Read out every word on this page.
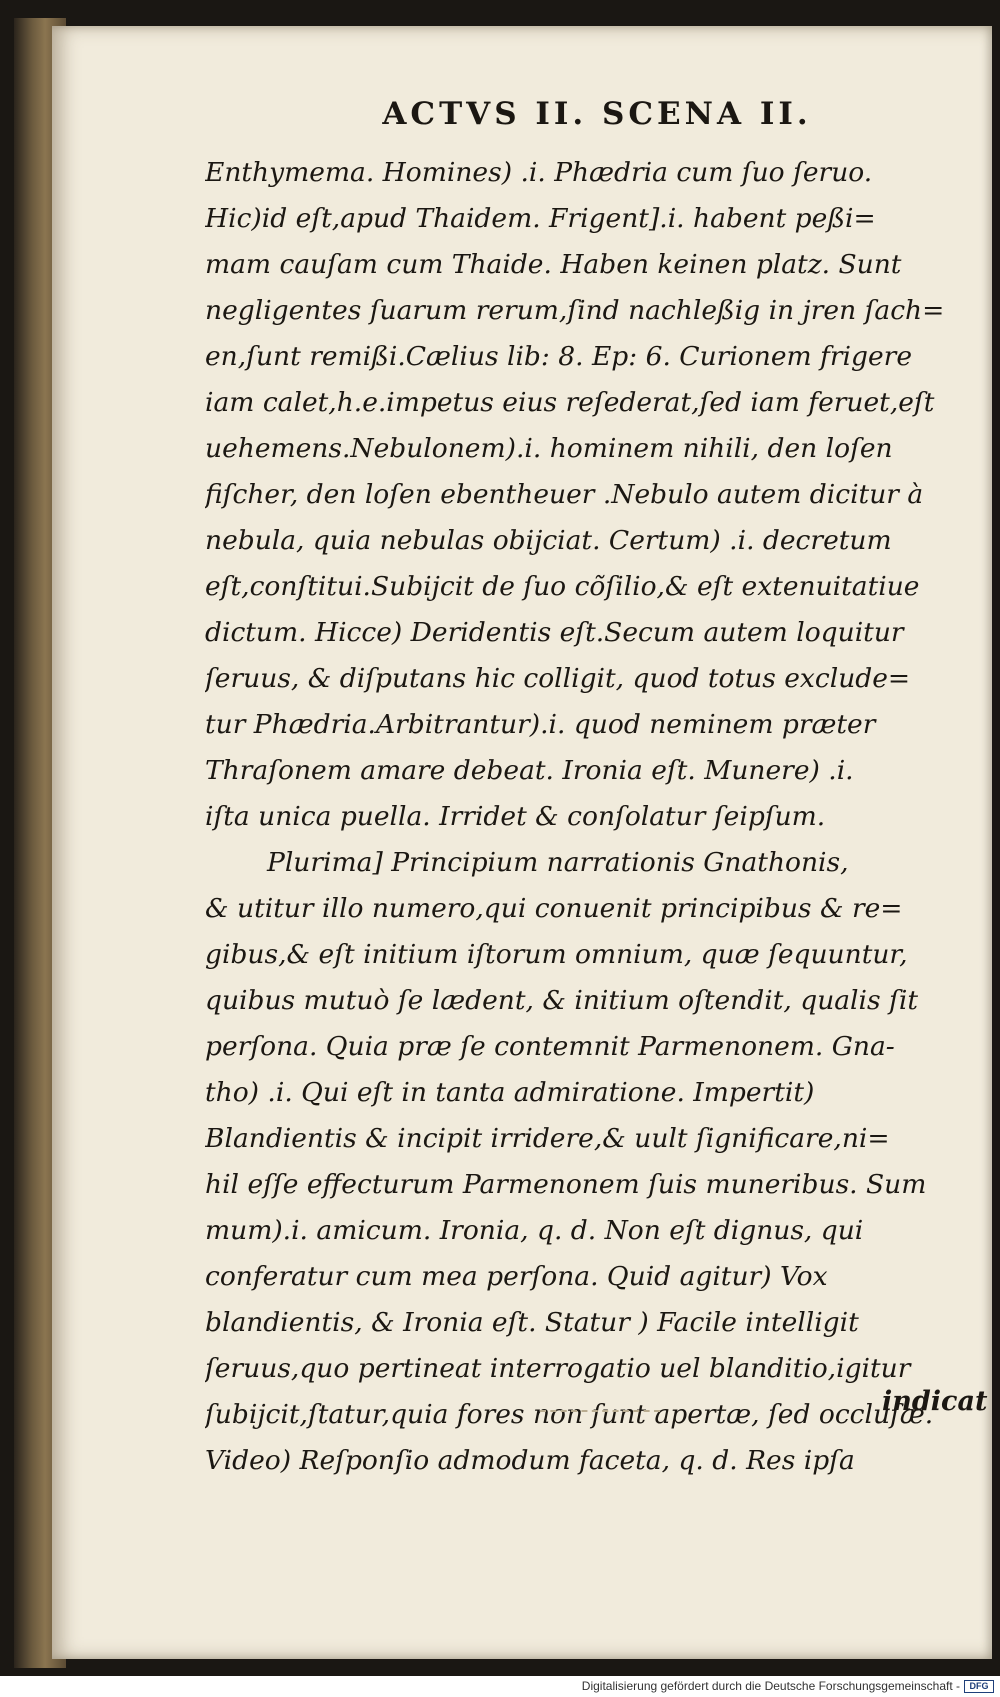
ACTVS II. SCENA II.
Enthymema. Homines) .i. Phædria cum ſuo ſeruo.
Hic)id eſt,apud Thaidem. Frigent].i. habent peßi=
mam cauſam cum Thaide. Haben keinen platz. Sunt
negligentes ſuarum rerum,ſind nachleßig in jren ſach=
en,ſunt remißi.Cælius lib: 8. Ep: 6. Curionem frigere
iam calet,h.e.impetus eius reſederat,ſed iam feruet,eſt
uehemens.Nebulonem).i. hominem nihili, den loſen
fiſcher, den loſen ebentheuer .Nebulo autem dicitur à
nebula, quia nebulas obijciat. Certum) .i. decretum
eſt,conſtitui.Subijcit de ſuo cõſilio,& eſt extenuitatiue
dictum. Hicce) Deridentis eſt.Secum autem loquitur
ſeruus, & diſputans hic colligit, quod totus exclude=
tur Phædria.Arbitrantur).i. quod neminem præter
Thraſonem amare debeat. Ironia eſt. Munere) .i.
iſta unica puella. Irridet & conſolatur ſeipſum.
Plurima] Principium narrationis Gnathonis,
& utitur illo numero,qui conuenit principibus & re=
gibus,& eſt initium iſtorum omnium, quæ ſequuntur,
quibus mutuò ſe lædent, & initium oſtendit, qualis ſit
perſona. Quia præ ſe contemnit Parmenonem. Gna-
tho) .i. Qui eſt in tanta admiratione. Impertit)
Blandientis & incipit irridere,& uult ſignificare,ni=
hil eſſe effecturum Parmenonem ſuis muneribus. Sum
mum).i. amicum. Ironia, q. d. Non eſt dignus, qui
conferatur cum mea perſona. Quid agitur) Vox
blandientis, & Ironia eſt. Statur ) Facile intelligit
ſeruus,quo pertineat interrogatio uel blanditio,igitur
ſubijcit,ſtatur,quia fores non ſunt apertæ, ſed occluſæ.
Video) Reſponſio admodum faceta, q. d. Res ipſa
indicat
Digitalisierung gefördert durch die Deutsche Forschungsgemeinschaft -	DFG
